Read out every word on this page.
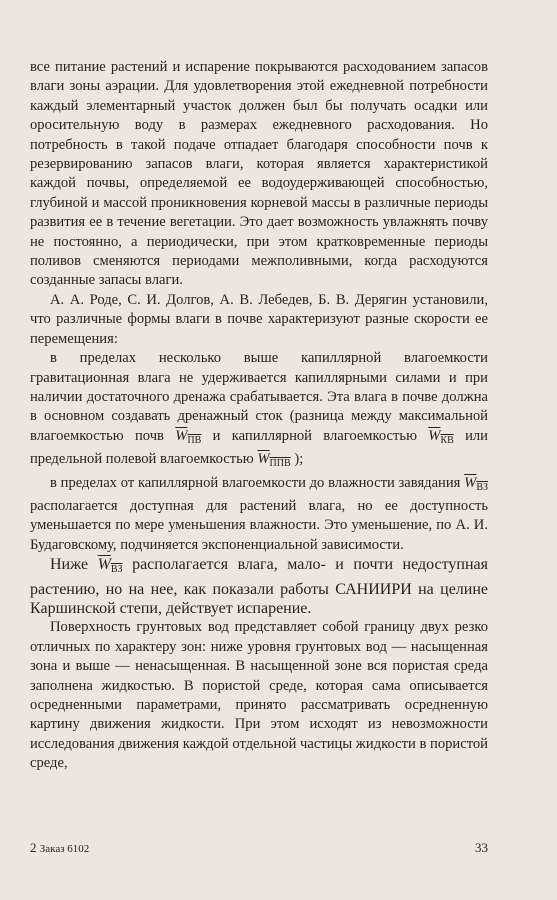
все питание растений и испарение покрываются расходованием запасов влаги зоны аэрации. Для удовлетворения этой ежедневной потребности каждый элементарный участок должен был бы получать осадки или оросительную воду в размерах ежедневного расходования. Но потребность в такой подаче отпадает благодаря способности почв к резервированию запасов влаги, которая является характеристикой каждой почвы, определяемой ее водоудерживающей способностью, глубиной и массой проникновения корневой массы в различные периоды развития ее в течение вегетации. Это дает возможность увлажнять почву не постоянно, а периодически, при этом кратковременные периоды поливов сменяются периодами межполивными, когда расходуются созданные запасы влаги.

А. А. Роде, С. И. Долгов, А. В. Лебедев, Б. В. Дерягин установили, что различные формы влаги в почве характеризуют разные скорости ее перемещения:

в пределах несколько выше капиллярной влагоемкости гравитационная влага не удерживается капиллярными силами и при наличии достаточного дренажа срабатывается. Эта влага в почве должна в основном создавать дренажный сток (разница между максимальной влагоемкостью почв $W_{ПВ}$ и капиллярной влагоемкостью $W_{КВ}$ или предельной полевой влагоемкостью $W_{ППВ}$ );

в пределах от капиллярной влагоемкости до влажности завядания $W_{ВЗ}$ располагается доступная для растений влага, но ее доступность уменьшается по мере уменьшения влажности. Это уменьшение, по А. И. Будаговскому, подчиняется экспоненциальной зависимости.

Ниже $W_{ВЗ}$ располагается влага, мало- и почти недоступная растению, но на нее, как показали работы САНИИРИ на целине Каршинской степи, действует испарение.

Поверхность грунтовых вод представляет собой границу двух резко отличных по характеру зон: ниже уровня грунтовых вод — насыщенная зона и выше — ненасыщенная. В насыщенной зоне вся пористая среда заполнена жидкостью. В пористой среде, которая сама описывается осредненными параметрами, принято рассматривать осредненную картину движения жидкости. При этом исходят из невозможности исследования движения каждой отдельной частицы жидкости в пористой среде,

2 Заказ 6102	33
